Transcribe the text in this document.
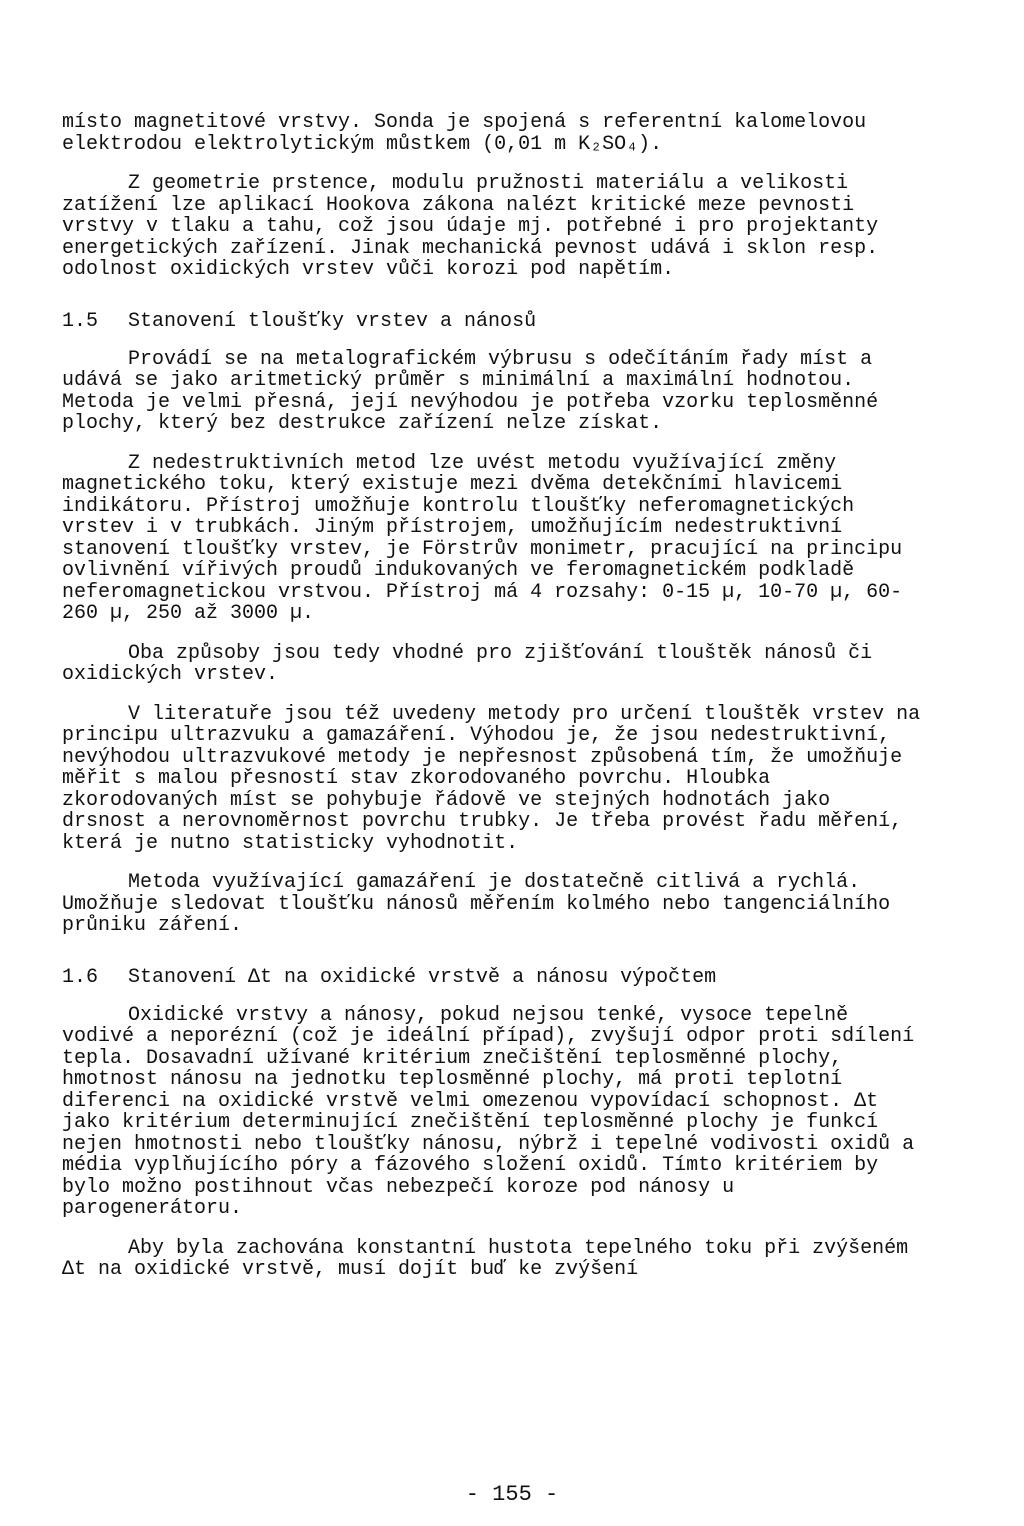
místo magnetitové vrstvy. Sonda je spojená s referentní kalomelovou elektrodou elektrolytickým můstkem (0,01 m K₂SO₄).

Z geometrie prstence, modulu pružnosti materiálu a velikosti zatížení lze aplikací Hookova zákona nalézt kritické meze pevnosti vrstvy v tlaku a tahu, což jsou údaje mj. potřebné i pro projektanty energetických zařízení. Jinak mechanická pevnost udává i sklon resp. odolnost oxidických vrstev vůči korozi pod napětím.

1.5	Stanovení tloušťky vrstev a nánosů

Provádí se na metalografickém výbrusu s odečítáním řady míst a udává se jako aritmetický průměr s minimální a maximální hodnotou. Metoda je velmi přesná, její nevýhodou je potřeba vzorku teplosměnné plochy, který bez destrukce zařízení nelze získat.

Z nedestruktivních metod lze uvést metodu využívající změny magnetického toku, který existuje mezi dvěma detekčními hlavicemi indikátoru. Přístroj umožňuje kontrolu tloušťky neferomagnetických vrstev i v trubkách. Jiným přístrojem, umožňujícím nedestruktivní stanovení tloušťky vrstev, je Förstrův monimetr, pracující na principu ovlivnění vířivých proudů indukovaných ve feromagnetickém podkladě neferomagnetickou vrstvou. Přístroj má 4 rozsahy: 0-15 µ, 10-70 µ, 60-260 µ, 250 až 3000 µ.

Oba způsoby jsou tedy vhodné pro zjišťování tlouštěk nánosů či oxidických vrstev.

V literatuře jsou též uvedeny metody pro určení tlouštěk vrstev na principu ultrazvuku a gamazáření. Výhodou je, že jsou nedestruktivní, nevýhodou ultrazvukové metody je nepřesnost způsobená tím, že umožňuje měřit s malou přesností stav zkorodovaného povrchu. Hloubka zkorodovaných míst se pohybuje řádově ve stejných hodnotách jako drsnost a nerovnoměrnost povrchu trubky. Je třeba provést řadu měření, která je nutno statisticky vyhodnotit.

Metoda využívající gamazáření je dostatečně citlivá a rychlá. Umožňuje sledovat tloušťku nánosů měřením kolmého nebo tangenciálního průniku záření.

1.6	Stanovení Δt na oxidické vrstvě a nánosu výpočtem

Oxidické vrstvy a nánosy, pokud nejsou tenké, vysoce tepelně vodivé a neporézní (což je ideální případ), zvyšují odpor proti sdílení tepla. Dosavadní užívané kritérium znečištění teplosměnné plochy, hmotnost nánosu na jednotku teplosměnné plochy, má proti teplotní diferenci na oxidické vrstvě velmi omezenou vypovídací schopnost. Δt jako kritérium determinující znečištění teplosměnné plochy je funkcí nejen hmotnosti nebo tloušťky nánosu, nýbrž i tepelné vodivosti oxidů a média vyplňujícího póry a fázového složení oxidů. Tímto kritériem by bylo možno postihnout včas nebezpečí koroze pod nánosy u parogenerátoru.

Aby byla zachována konstantní hustota tepelného toku při zvýšeném Δt na oxidické vrstvě, musí dojít buď ke zvýšení

- 155 -
